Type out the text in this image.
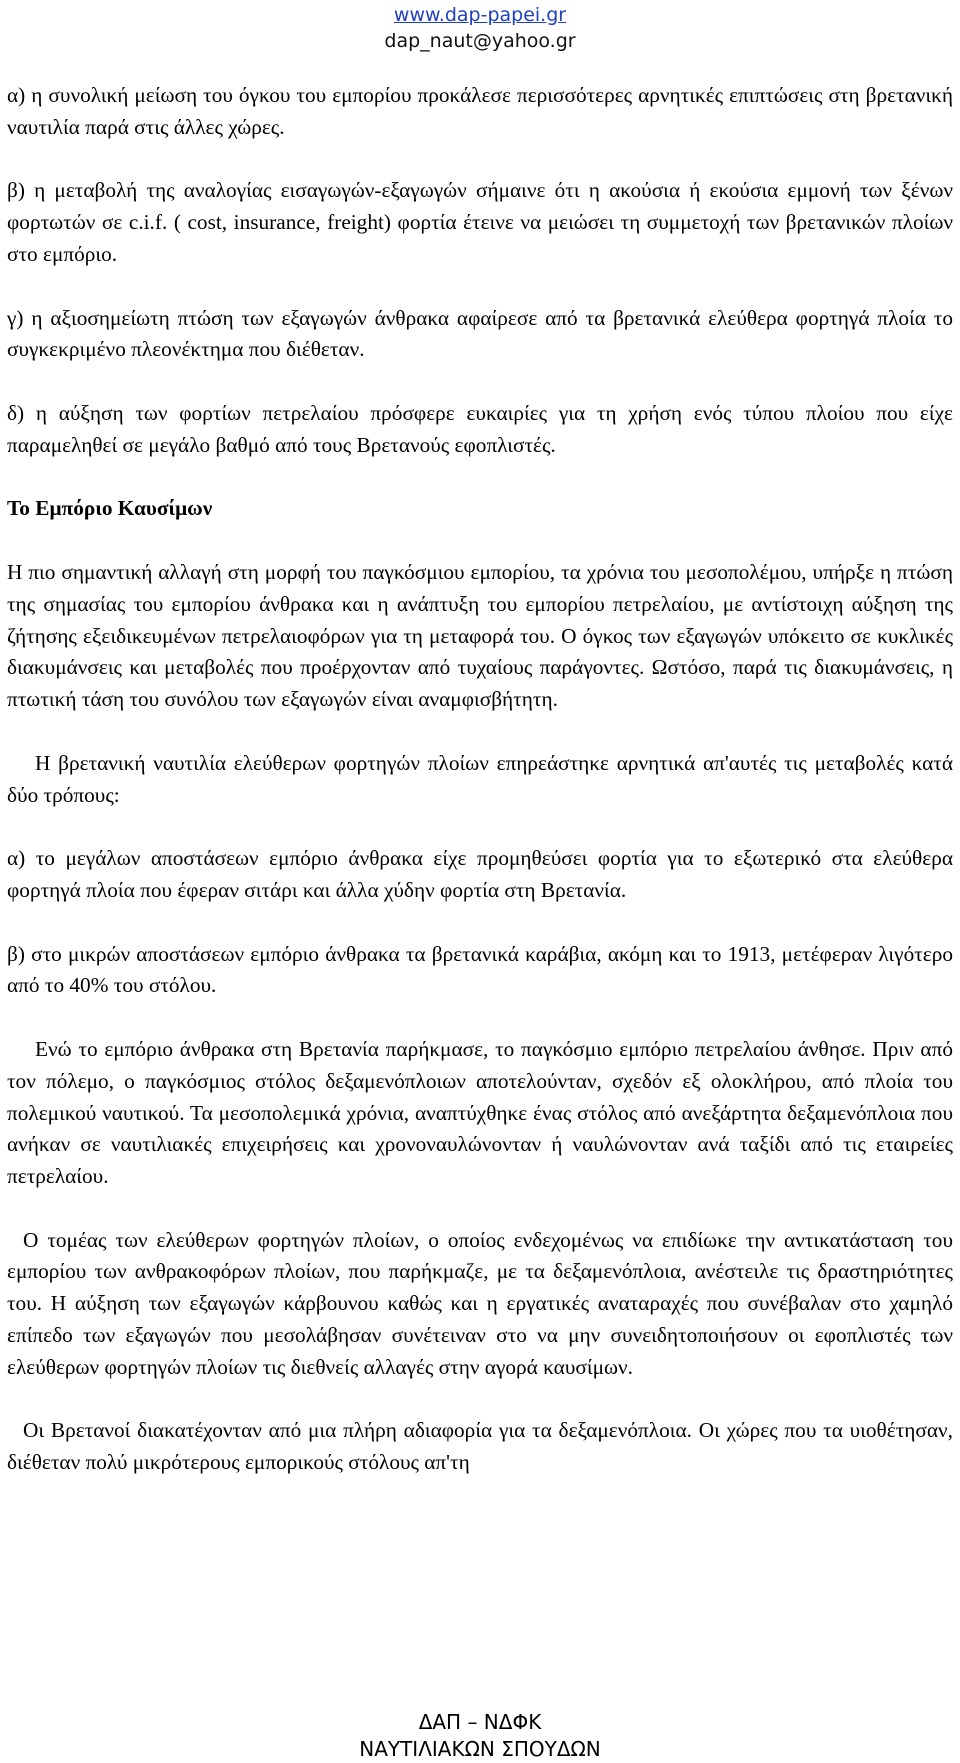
www.dap-papei.gr
dap_naut@yahoo.gr

α) η συνολική μείωση του όγκου του εμπορίου προκάλεσε περισσότερες αρνητικές επιπτώσεις στη βρετανική ναυτιλία παρά στις άλλες χώρες.

β) η μεταβολή της αναλογίας εισαγωγών-εξαγωγών σήμαινε ότι η ακούσια ή εκούσια εμμονή των ξένων φορτωτών σε c.i.f. ( cost, insurance, freight) φορτία έτεινε να μειώσει τη συμμετοχή των βρετανικών πλοίων στο εμπόριο.

γ) η αξιοσημείωτη πτώση των εξαγωγών άνθρακα αφαίρεσε από τα βρετανικά ελεύθερα φορτηγά πλοία το συγκεκριμένο πλεονέκτημα που διέθεταν.

δ) η αύξηση των φορτίων πετρελαίου πρόσφερε ευκαιρίες για τη χρήση ενός τύπου πλοίου που είχε παραμεληθεί σε μεγάλο βαθμό από τους Βρετανούς εφοπλιστές.

Το Εμπόριο Καυσίμων

Η πιο σημαντική αλλαγή στη μορφή του παγκόσμιου εμπορίου, τα χρόνια του μεσοπολέμου, υπήρξε η πτώση της σημασίας του εμπορίου άνθρακα και η ανάπτυξη του εμπορίου πετρελαίου, με αντίστοιχη αύξηση της ζήτησης εξειδικευμένων πετρελαιοφόρων για τη μεταφορά του. Ο όγκος των εξαγωγών υπόκειτο σε κυκλικές διακυμάνσεις και μεταβολές που προέρχονταν από τυχαίους παράγοντες. Ωστόσο, παρά τις διακυμάνσεις, η πτωτική τάση του συνόλου των εξαγωγών είναι αναμφισβήτητη.

Η βρετανική ναυτιλία ελεύθερων φορτηγών πλοίων επηρεάστηκε αρνητικά απ'αυτές τις μεταβολές κατά δύο τρόπους:

α) το μεγάλων αποστάσεων εμπόριο άνθρακα είχε προμηθεύσει φορτία για το εξωτερικό στα ελεύθερα φορτηγά πλοία που έφεραν σιτάρι και άλλα χύδην φορτία στη Βρετανία.

β) στο μικρών αποστάσεων εμπόριο άνθρακα τα βρετανικά καράβια, ακόμη και το 1913, μετέφεραν λιγότερο από το 40% του στόλου.

Ενώ το εμπόριο άνθρακα στη Βρετανία παρήκμασε, το παγκόσμιο εμπόριο πετρελαίου άνθησε. Πριν από τον πόλεμο, ο παγκόσμιος στόλος δεξαμενόπλοιων αποτελούνταν, σχεδόν εξ ολοκλήρου, από πλοία του πολεμικού ναυτικού. Τα μεσοπολεμικά χρόνια, αναπτύχθηκε ένας στόλος από ανεξάρτητα δεξαμενόπλοια που ανήκαν σε ναυτιλιακές επιχειρήσεις και χρονοναυλώνονταν ή ναυλώνονταν ανά ταξίδι από τις εταιρείες πετρελαίου.

Ο τομέας των ελεύθερων φορτηγών πλοίων, ο οποίος ενδεχομένως να επιδίωκε την αντικατάσταση του εμπορίου των ανθρακοφόρων πλοίων, που παρήκμαζε, με τα δεξαμενόπλοια, ανέστειλε τις δραστηριότητες του. Η αύξηση των εξαγωγών κάρβουνου καθώς και η εργατικές αναταραχές που συνέβαλαν στο χαμηλό επίπεδο των εξαγωγών που μεσολάβησαν συνέτειναν στο να μην συνειδητοποιήσουν οι εφοπλιστές των ελεύθερων φορτηγών πλοίων τις διεθνείς αλλαγές στην αγορά καυσίμων.

Οι Βρετανοί διακατέχονταν από μια πλήρη αδιαφορία για τα δεξαμενόπλοια. Οι χώρες που τα υιοθέτησαν, διέθεταν πολύ μικρότερους εμπορικούς στόλους απ'τη

ΔΑΠ – ΝΔΦΚ
ΝΑΥΤΙΛΙΑΚΩΝ ΣΠΟΥΔΩΝ
